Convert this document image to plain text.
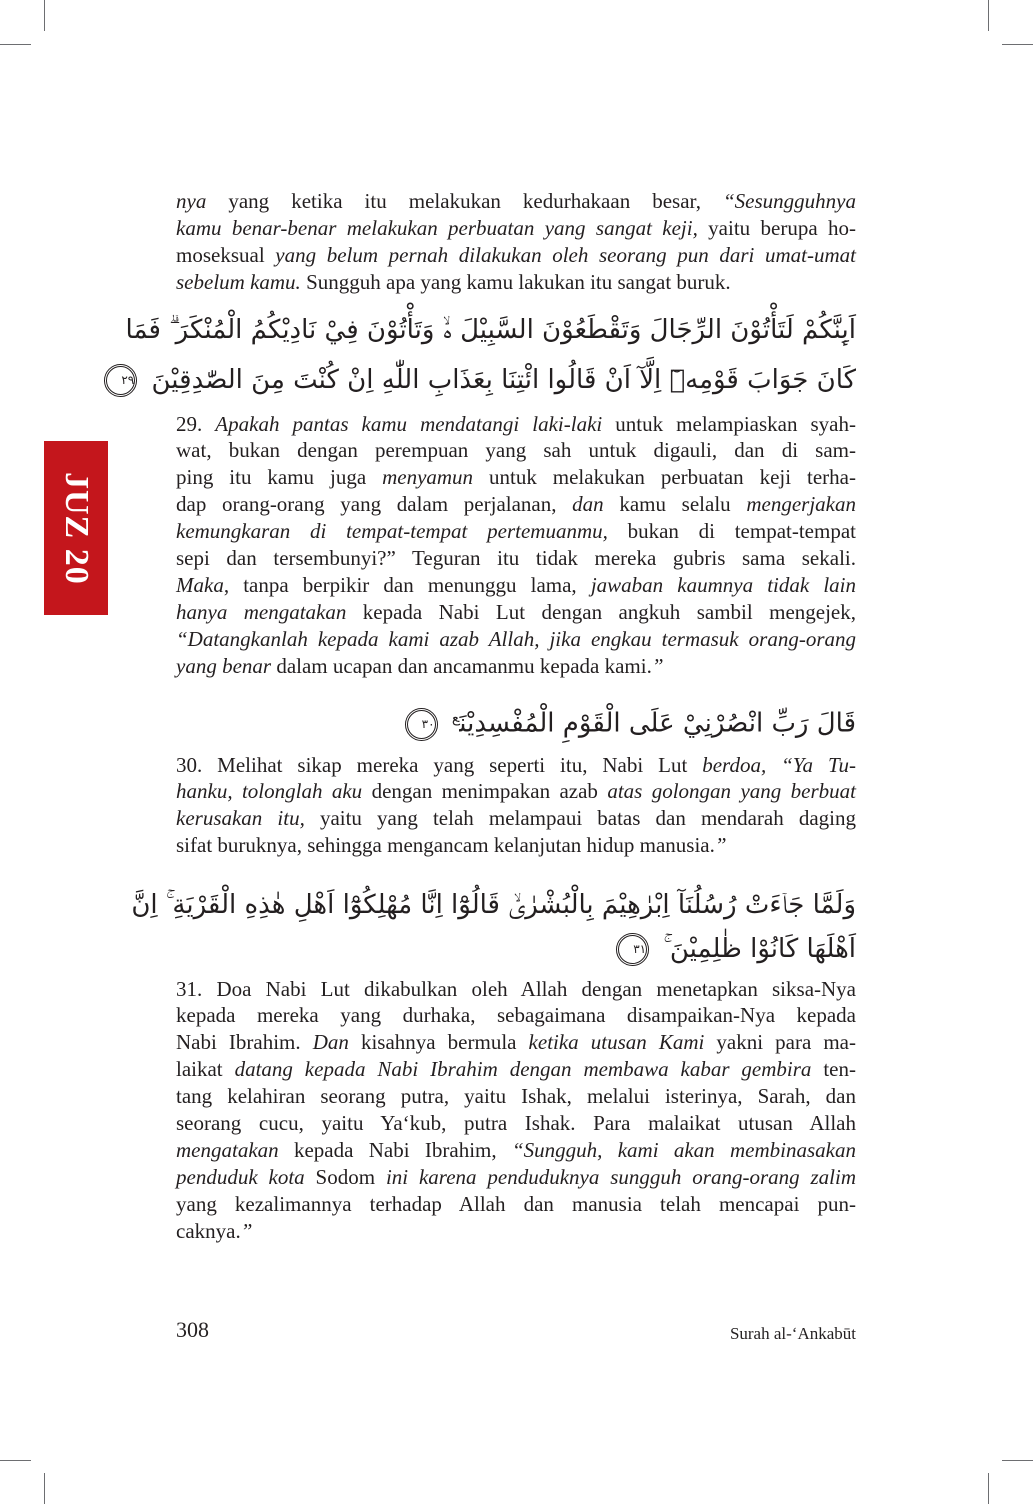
JUZ 20
nya yang ketika itu melakukan kedurhakaan besar, “Sesungguhnya
kamu benar-benar melakukan perbuatan yang sangat keji, yaitu berupa ho-
moseksual yang belum pernah dilakukan oleh seorang pun dari umat-umat
sebelum kamu. Sungguh apa yang kamu lakukan itu sangat buruk.
اَىِٕنَّكُمْ لَتَأْتُوْنَ الرِّجَالَ وَتَقْطَعُوْنَ السَّبِيْلَ ەۙ وَتَأْتُوْنَ فِيْ نَادِيْكُمُ الْمُنْكَرَ ۗ فَمَا
كَانَ جَوَابَ قَوْمِهٖٓ اِلَّآ اَنْ قَالُوا ائْتِنَا بِعَذَابِ اللّٰهِ اِنْ كُنْتَ مِنَ الصّٰدِقِيْنَ ٢٩
29. Apakah pantas kamu mendatangi laki-laki untuk melampiaskan syah-
wat, bukan dengan perempuan yang sah untuk digauli, dan di sam-
ping itu kamu juga menyamun untuk melakukan perbuatan keji terha-
dap orang-orang yang dalam perjalanan, dan kamu selalu mengerjakan
kemungkaran di tempat-tempat pertemuanmu, bukan di tempat-tempat
sepi dan tersembunyi?” Teguran itu tidak mereka gubris sama sekali.
Maka, tanpa berpikir dan menunggu lama, jawaban kaumnya tidak lain
hanya mengatakan kepada Nabi Lut dengan angkuh sambil mengejek,
“Datangkanlah kepada kami azab Allah, jika engkau termasuk orang-orang
yang benar dalam ucapan dan ancamanmu kepada kami.”
قَالَ رَبِّ انْصُرْنِيْ عَلَى الْقَوْمِ الْمُفْسِدِيْنَ$^ع$ ٣٠
30. Melihat sikap mereka yang seperti itu, Nabi Lut berdoa, “Ya Tu-
hanku, tolonglah aku dengan menimpakan azab atas golongan yang berbuat
kerusakan itu, yaitu yang telah melampaui batas dan mendarah daging
sifat buruknya, sehingga mengancam kelanjutan hidup manusia.”
وَلَمَّا جَاۤءَتْ رُسُلُنَآ اِبْرٰهِيْمَ بِالْبُشْرٰىۙ قَالُوْٓا اِنَّا مُهْلِكُوْٓا اَهْلِ هٰذِهِ الْقَرْيَةِ ۚ اِنَّ
اَهْلَهَا كَانُوْا ظٰلِمِيْنَ ۚ ٣١
31. Doa Nabi Lut dikabulkan oleh Allah dengan menetapkan siksa-Nya
kepada mereka yang durhaka, sebagaimana disampaikan-Nya kepada
Nabi Ibrahim. Dan kisahnya bermula ketika utusan Kami yakni para ma-
laikat datang kepada Nabi Ibrahim dengan membawa kabar gembira ten-
tang kelahiran seorang putra, yaitu Ishak, melalui isterinya, Sarah, dan
seorang cucu, yaitu Ya‘kub, putra Ishak. Para malaikat utusan Allah
mengatakan kepada Nabi Ibrahim, “Sungguh, kami akan membinasakan
penduduk kota Sodom ini karena penduduknya sungguh orang-orang zalim
yang kezalimannya terhadap Allah dan manusia telah mencapai pun-
caknya.”
308	Surah al-‘Ankabūt
